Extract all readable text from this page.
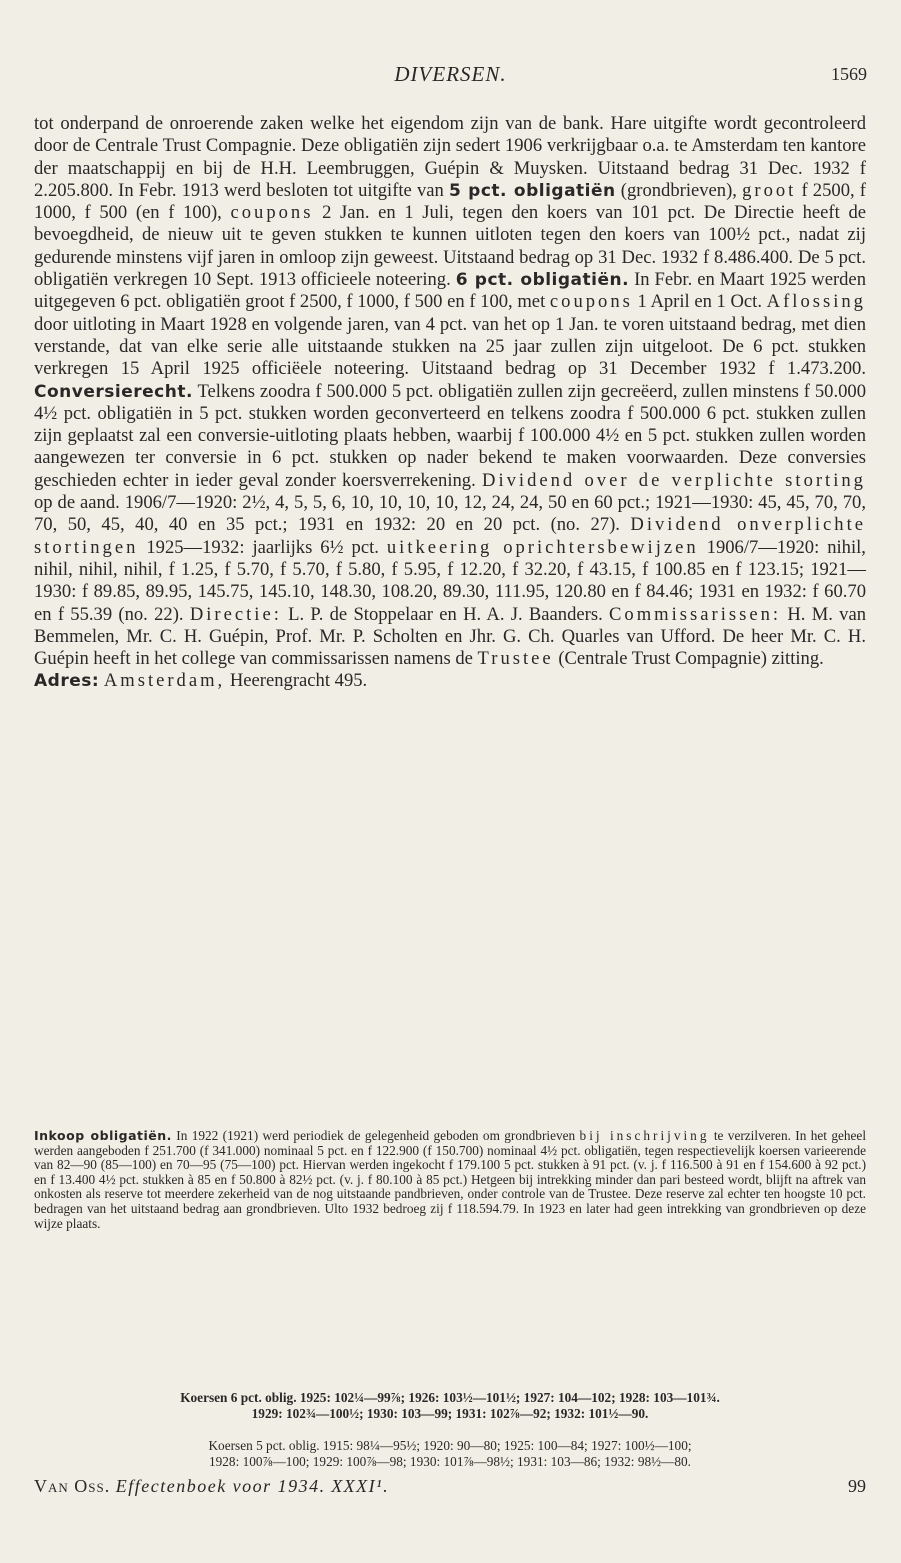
DIVERSEN.	1569

tot onderpand de onroerende zaken welke het eigendom zijn van de bank. Hare uitgifte wordt gecontroleerd door de Centrale Trust Compagnie. Deze obligatiën zijn sedert 1906 verkrijgbaar o.a. te Amsterdam ten kantore der maatschappij en bij de H.H. Leembruggen, Guépin & Muysken. Uitstaand bedrag 31 Dec. 1932 f 2.205.800. In Febr. 1913 werd besloten tot uitgifte van 5 pct. obligatiën (grondbrieven), groot f 2500, f 1000, f 500 (en f 100), coupons 2 Jan. en 1 Juli, tegen den koers van 101 pct. De Directie heeft de bevoegdheid, de nieuw uit te geven stukken te kunnen uitloten tegen den koers van 100½ pct., nadat zij gedurende minstens vijf jaren in omloop zijn geweest. Uitstaand bedrag op 31 Dec. 1932 f 8.486.400. De 5 pct. obligatiën verkregen 10 Sept. 1913 officieele noteering. 6 pct. obligatiën. In Febr. en Maart 1925 werden uitgegeven 6 pct. obligatiën groot f 2500, f 1000, f 500 en f 100, met coupons 1 April en 1 Oct. Aflossing door uitloting in Maart 1928 en volgende jaren, van 4 pct. van het op 1 Jan. te voren uitstaand bedrag, met dien verstande, dat van elke serie alle uitstaande stukken na 25 jaar zullen zijn uitgeloot. De 6 pct. stukken verkregen 15 April 1925 officiëele noteering. Uitstaand bedrag op 31 December 1932 f 1.473.200. Conversierecht. Telkens zoodra f 500.000 5 pct. obligatiën zullen zijn gecreëerd, zullen minstens f 50.000 4½ pct. obligatiën in 5 pct. stukken worden geconverteerd en telkens zoodra f 500.000 6 pct. stukken zullen zijn geplaatst zal een conversie-uitloting plaats hebben, waarbij f 100.000 4½ en 5 pct. stukken zullen worden aangewezen ter conversie in 6 pct. stukken op nader bekend te maken voorwaarden. Deze conversies geschieden echter in ieder geval zonder koersverrekening. Dividend over de verplichte storting op de aand. 1906/7—1920: 2½, 4, 5, 5, 6, 10, 10, 10, 10, 12, 24, 24, 50 en 60 pct.; 1921—1930: 45, 45, 70, 70, 70, 50, 45, 40, 40 en 35 pct.; 1931 en 1932: 20 en 20 pct. (no. 27). Dividend onverplichte stortingen 1925—1932: jaarlijks 6½ pct. uitkeering oprichtersbewijzen 1906/7—1920: nihil, nihil, nihil, nihil, f 1.25, f 5.70, f 5.70, f 5.80, f 5.95, f 12.20, f 32.20, f 43.15, f 100.85 en f 123.15; 1921—1930: f 89.85, 89.95, 145.75, 145.10, 148.30, 108.20, 89.30, 111.95, 120.80 en f 84.46; 1931 en 1932: f 60.70 en f 55.39 (no. 22). Directie: L. P. de Stoppelaar en H. A. J. Baanders. Commissarissen: H. M. van Bemmelen, Mr. C. H. Guépin, Prof. Mr. P. Scholten en Jhr. G. Ch. Quarles van Ufford. De heer Mr. C. H. Guépin heeft in het college van commissarissen namens de Trustee (Centrale Trust Compagnie) zitting.

Adres: Amsterdam, Heerengracht 495.

Inkoop obligatiën. In 1922 (1921) werd periodiek de gelegenheid geboden om grondbrieven bij inschrijving te verzilveren. In het geheel werden aangeboden f 251.700 (f 341.000) nominaal 5 pct. en f 122.900 (f 150.700) nominaal 4½ pct. obligatiën, tegen respectievelijk koersen varieerende van 82—90 (85—100) en 70—95 (75—100) pct. Hiervan werden ingekocht f 179.100 5 pct. stukken à 91 pct. (v. j. f 116.500 à 91 en f 154.600 à 92 pct.) en f 13.400 4½ pct. stukken à 85 en f 50.800 à 82½ pct. (v. j. f 80.100 à 85 pct.) Hetgeen bij intrekking minder dan pari besteed wordt, blijft na aftrek van onkosten als reserve tot meerdere zekerheid van de nog uitstaande pandbrieven, onder controle van de Trustee. Deze reserve zal echter ten hoogste 10 pct. bedragen van het uitstaand bedrag aan grondbrieven. Ulto 1932 bedroeg zij f 118.594.79. In 1923 en later had geen intrekking van grondbrieven op deze wijze plaats.

Koersen 6 pct. oblig. 1925: 102¼—99⅞; 1926: 103½—101½; 1927: 104—102; 1928: 103—101¾.
1929: 102¾—100½; 1930: 103—99; 1931: 102⅞—92; 1932: 101½—90.
Koersen 5 pct. oblig. 1915: 98¼—95½; 1920: 90—80; 1925: 100—84; 1927: 100½—100;
1928: 100⅞—100; 1929: 100⅞—98; 1930: 101⅞—98½; 1931: 103—86; 1932: 98½—80.
Van Oss. Effectenboek voor 1934. XXXI¹.	99
